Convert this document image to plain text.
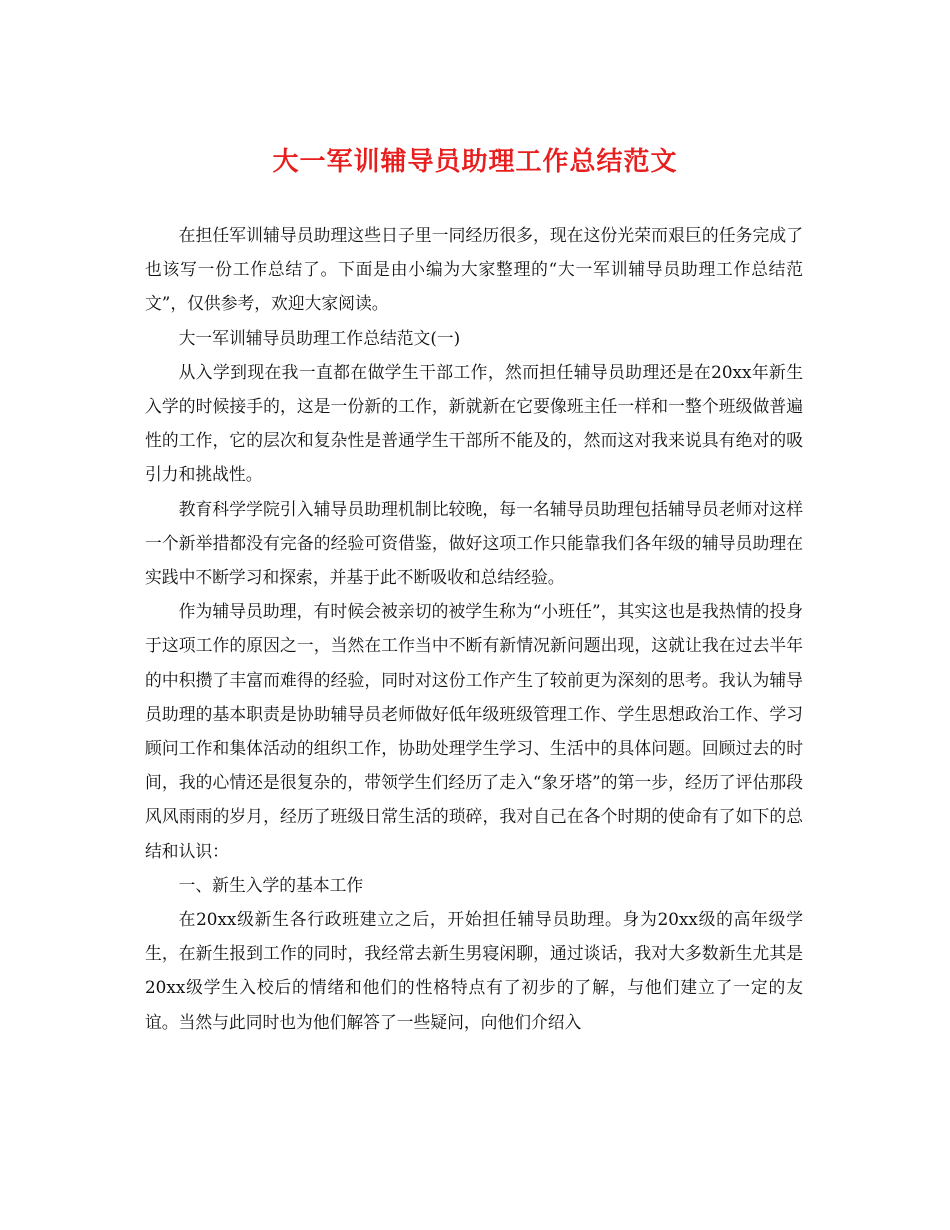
大一军训辅导员助理工作总结范文

在担任军训辅导员助理这些日子里一同经历很多，现在这份光荣而艰巨的任务完成了也该写一份工作总结了。下面是由小编为大家整理的“大一军训辅导员助理工作总结范文”，仅供参考，欢迎大家阅读。

大一军训辅导员助理工作总结范文(一)

从入学到现在我一直都在做学生干部工作，然而担任辅导员助理还是在20xx年新生入学的时候接手的，这是一份新的工作，新就新在它要像班主任一样和一整个班级做普遍性的工作，它的层次和复杂性是普通学生干部所不能及的，然而这对我来说具有绝对的吸引力和挑战性。

教育科学学院引入辅导员助理机制比较晚，每一名辅导员助理包括辅导员老师对这样一个新举措都没有完备的经验可资借鉴，做好这项工作只能靠我们各年级的辅导员助理在实践中不断学习和探索，并基于此不断吸收和总结经验。

作为辅导员助理，有时候会被亲切的被学生称为“小班任”，其实这也是我热情的投身于这项工作的原因之一，当然在工作当中不断有新情况新问题出现，这就让我在过去半年的中积攒了丰富而难得的经验，同时对这份工作产生了较前更为深刻的思考。我认为辅导员助理的基本职责是协助辅导员老师做好低年级班级管理工作、学生思想政治工作、学习顾问工作和集体活动的组织工作，协助处理学生学习、生活中的具体问题。回顾过去的时间，我的心情还是很复杂的，带领学生们经历了走入“象牙塔”的第一步，经历了评估那段风风雨雨的岁月，经历了班级日常生活的琐碎，我对自己在各个时期的使命有了如下的总结和认识：

一、新生入学的基本工作

在20xx级新生各行政班建立之后，开始担任辅导员助理。身为20xx级的高年级学生，在新生报到工作的同时，我经常去新生男寝闲聊，通过谈话，我对大多数新生尤其是20xx级学生入校后的情绪和他们的性格特点有了初步的了解，与他们建立了一定的友谊。当然与此同时也为他们解答了一些疑问，向他们介绍入
